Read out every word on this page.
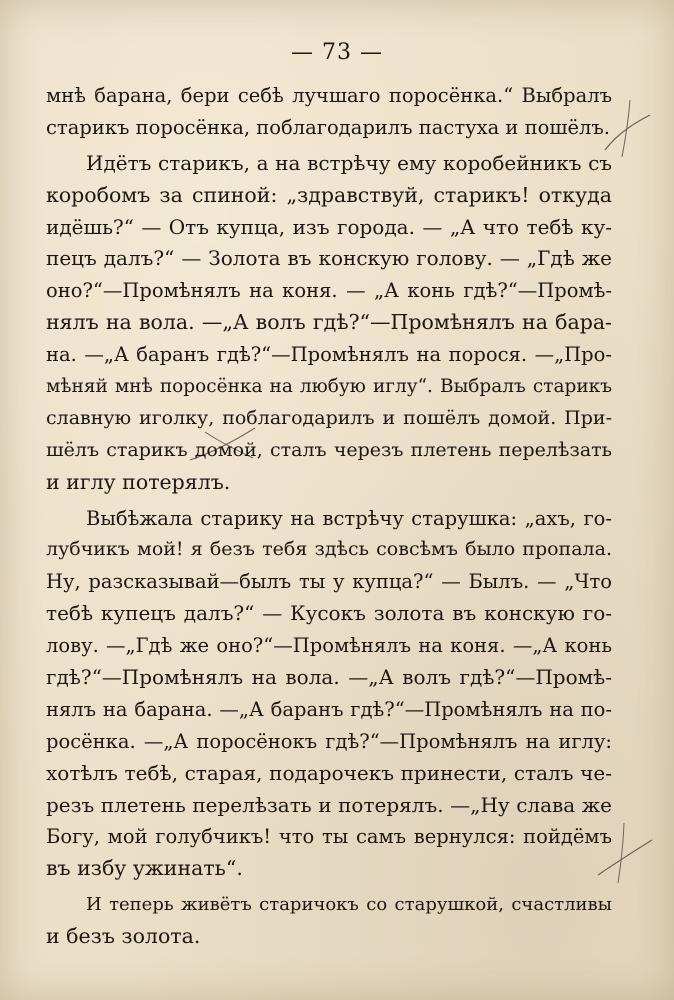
— 73 —
мнѣ барана, бери себѣ лучшаго поросёнка.“ Выбралъ
старикъ поросёнка, поблагодарилъ пастуха и пошёлъ.
Идётъ старикъ, а на встрѣчу ему коробейникъ съ
коробомъ за спиной: „здравствуй, старикъ! откуда
идёшь?“ — Отъ купца, изъ города. — „А что тебѣ ку-
пецъ далъ?“ — Золота въ конскую голову. — „Гдѣ же
оно?“—Промѣнялъ на коня. — „А конь гдѣ?“—Промѣ-
нялъ на вола. —„А волъ гдѣ?“—Промѣнялъ на бара-
на. —„А баранъ гдѣ?“—Промѣнялъ на порося. —„Про-
мѣняй мнѣ поросёнка на любую иглу“. Выбралъ старикъ
славную иголку, поблагодарилъ и пошёлъ домой. При-
шёлъ старикъ домой, сталъ черезъ плетень перелѣзать
и иглу потерялъ.
Выбѣжала старику на встрѣчу старушка: „ахъ, го-
лубчикъ мой! я безъ тебя здѣсь совсѣмъ было пропала.
Ну, разсказывай—былъ ты у купца?“ — Былъ. — „Что
тебѣ купецъ далъ?“ — Кусокъ золота въ конскую го-
лову. —„Гдѣ же оно?“—Промѣнялъ на коня. —„А конь
гдѣ?“—Промѣнялъ на вола. —„А волъ гдѣ?“—Промѣ-
нялъ на барана. —„А баранъ гдѣ?“—Промѣнялъ на по-
росёнка. —„А поросёнокъ гдѣ?“—Промѣнялъ на иглу:
хотѣлъ тебѣ, старая, подарочекъ принести, сталъ че-
резъ плетень перелѣзать и потерялъ. —„Ну слава же
Богу, мой голубчикъ! что ты самъ вернулся: пойдёмъ
въ избу ужинать“.
И теперь живётъ старичокъ со старушкой, счастливы
и безъ золота.
